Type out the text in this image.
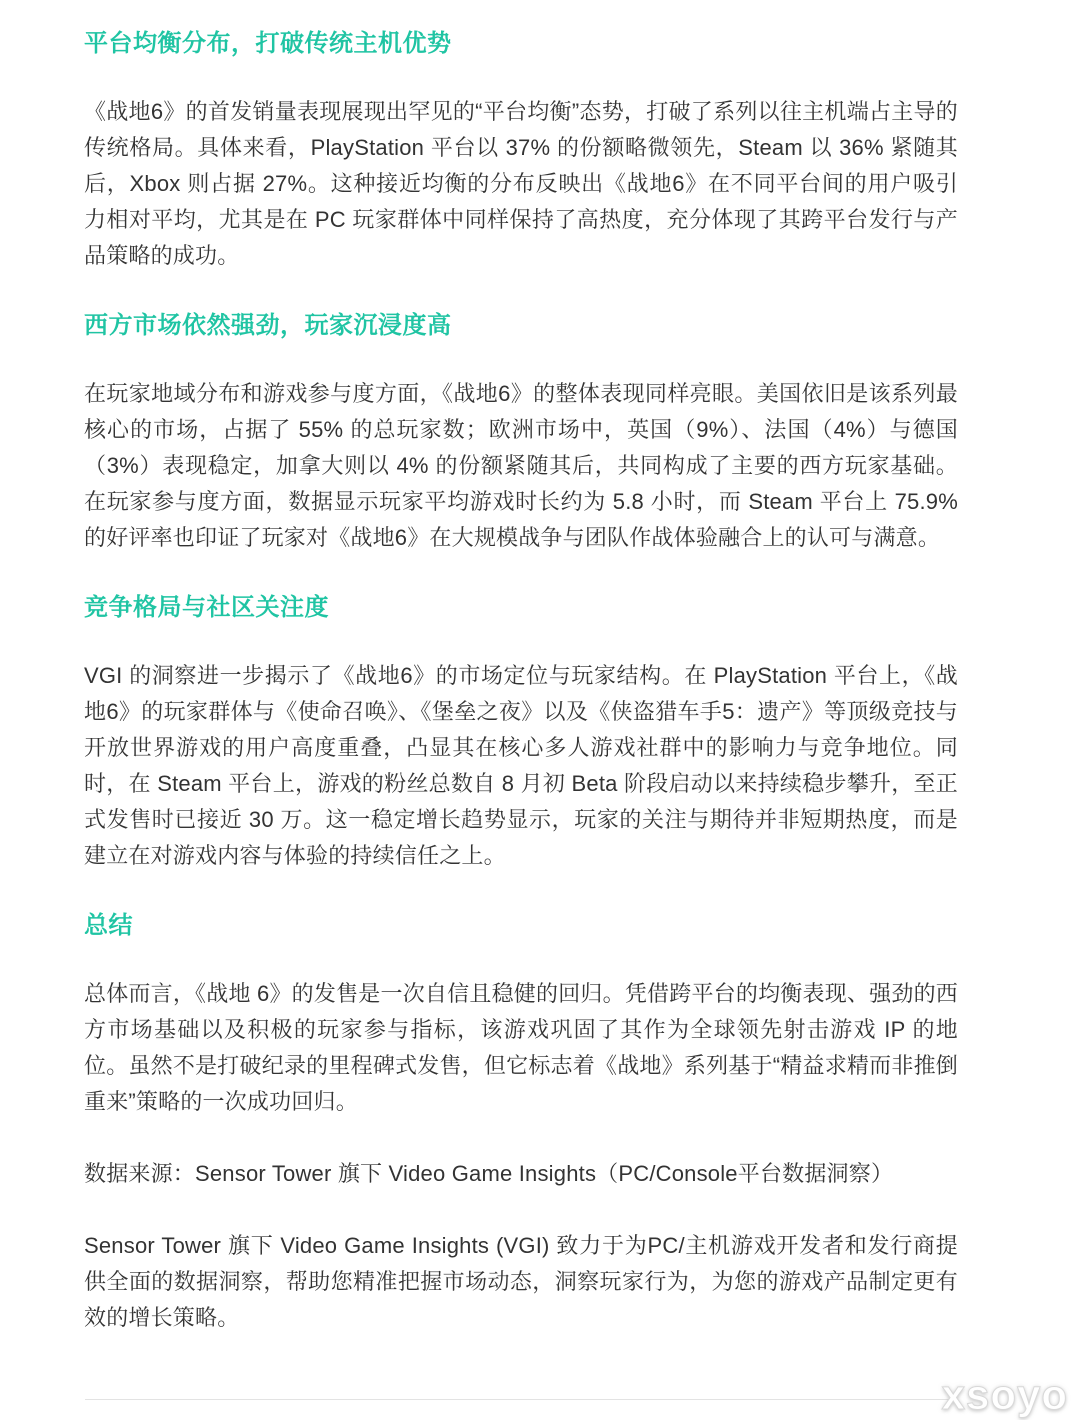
平台均衡分布，打破传统主机优势

《战地6》的首发销量表现展现出罕见的“平台均衡”态势，打破了系列以往主机端占主导的传统格局。具体来看，PlayStation 平台以 37% 的份额略微领先，Steam 以 36% 紧随其后，Xbox 则占据 27%。这种接近均衡的分布反映出《战地6》在不同平台间的用户吸引力相对平均，尤其是在 PC 玩家群体中同样保持了高热度，充分体现了其跨平台发行与产品策略的成功。

西方市场依然强劲，玩家沉浸度高

在玩家地域分布和游戏参与度方面，《战地6》的整体表现同样亮眼。美国依旧是该系列最核心的市场，占据了 55% 的总玩家数；欧洲市场中，英国（9%）、法国（4%）与德国（3%）表现稳定，加拿大则以 4% 的份额紧随其后，共同构成了主要的西方玩家基础。在玩家参与度方面，数据显示玩家平均游戏时长约为 5.8 小时，而 Steam 平台上 75.9% 的好评率也印证了玩家对《战地6》在大规模战争与团队作战体验融合上的认可与满意。

竞争格局与社区关注度

VGI 的洞察进一步揭示了《战地6》的市场定位与玩家结构。在 PlayStation 平台上，《战地6》的玩家群体与《使命召唤》、《堡垒之夜》以及《侠盗猎车手5：遗产》等顶级竞技与开放世界游戏的用户高度重叠，凸显其在核心多人游戏社群中的影响力与竞争地位。同时，在 Steam 平台上，游戏的粉丝总数自 8 月初 Beta 阶段启动以来持续稳步攀升，至正式发售时已接近 30 万。这一稳定增长趋势显示，玩家的关注与期待并非短期热度，而是建立在对游戏内容与体验的持续信任之上。

总结

总体而言，《战地 6》的发售是一次自信且稳健的回归。凭借跨平台的均衡表现、强劲的西方市场基础以及积极的玩家参与指标，该游戏巩固了其作为全球领先射击游戏 IP 的地位。虽然不是打破纪录的里程碑式发售，但它标志着《战地》系列基于“精益求精而非推倒重来”策略的一次成功回归。

数据来源：Sensor Tower 旗下 Video Game Insights（PC/Console平台数据洞察）

Sensor Tower 旗下 Video Game Insights (VGI) 致力于为PC/主机游戏开发者和发行商提供全面的数据洞察，帮助您精准把握市场动态，洞察玩家行为，为您的游戏产品制定更有效的增长策略。

xsoyo
